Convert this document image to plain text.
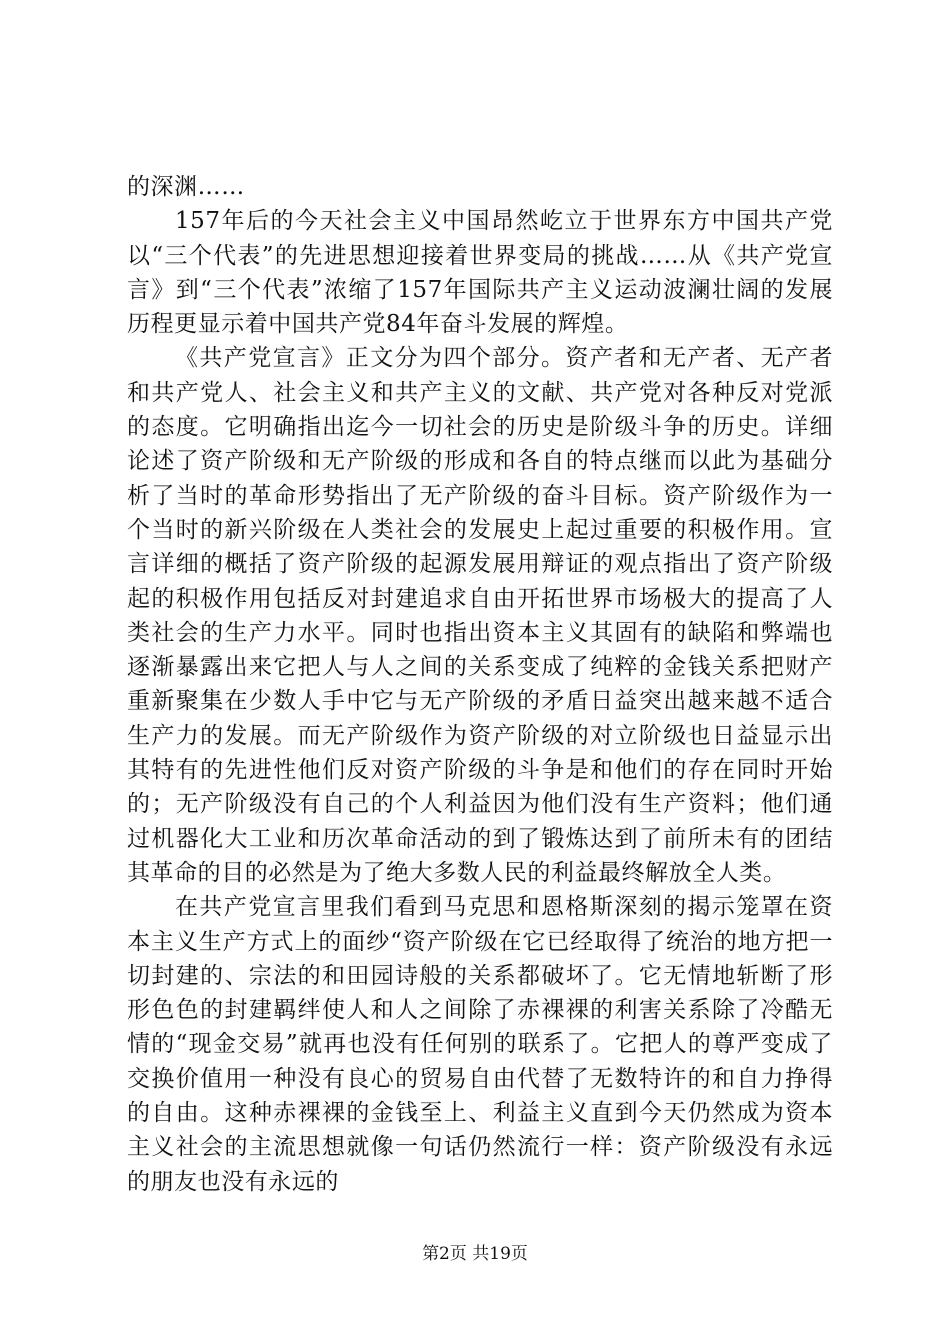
的深渊……

157年后的今天社会主义中国昂然屹立于世界东方中国共产党以“三个代表”的先进思想迎接着世界变局的挑战……从《共产党宣言》到“三个代表”浓缩了157年国际共产主义运动波澜壮阔的发展历程更显示着中国共产党84年奋斗发展的辉煌。

《共产党宣言》正文分为四个部分。资产者和无产者、无产者和共产党人、社会主义和共产主义的文献、共产党对各种反对党派的态度。它明确指出迄今一切社会的历史是阶级斗争的历史。详细论述了资产阶级和无产阶级的形成和各自的特点继而以此为基础分析了当时的革命形势指出了无产阶级的奋斗目标。资产阶级作为一个当时的新兴阶级在人类社会的发展史上起过重要的积极作用。宣言详细的概括了资产阶级的起源发展用辩证的观点指出了资产阶级起的积极作用包括反对封建追求自由开拓世界市场极大的提高了人类社会的生产力水平。同时也指出资本主义其固有的缺陷和弊端也逐渐暴露出来它把人与人之间的关系变成了纯粹的金钱关系把财产重新聚集在少数人手中它与无产阶级的矛盾日益突出越来越不适合生产力的发展。而无产阶级作为资产阶级的对立阶级也日益显示出其特有的先进性他们反对资产阶级的斗争是和他们的存在同时开始的；无产阶级没有自己的个人利益因为他们没有生产资料；他们通过机器化大工业和历次革命活动的到了锻炼达到了前所未有的团结其革命的目的必然是为了绝大多数人民的利益最终解放全人类。

在共产党宣言里我们看到马克思和恩格斯深刻的揭示笼罩在资本主义生产方式上的面纱“资产阶级在它已经取得了统治的地方把一切封建的、宗法的和田园诗般的关系都破坏了。它无情地斩断了形形色色的封建羁绊使人和人之间除了赤裸裸的利害关系除了冷酷无情的“现金交易”就再也没有任何别的联系了。它把人的尊严变成了交换价值用一种没有良心的贸易自由代替了无数特许的和自力挣得的自由。这种赤裸裸的金钱至上、利益主义直到今天仍然成为资本主义社会的主流思想就像一句话仍然流行一样：资产阶级没有永远的朋友也没有永远的

第2页 共19页
